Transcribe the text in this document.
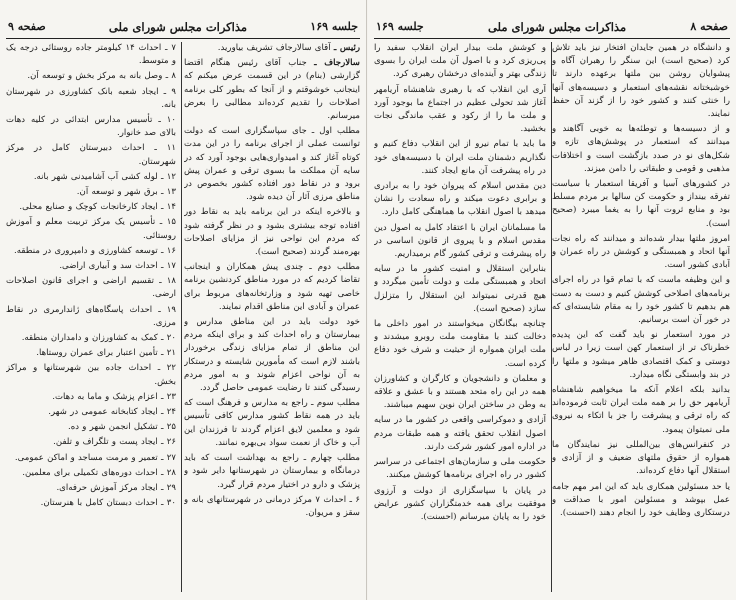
جلسه ۱۶۹
مذاکرات مجلس شورای ملی
صفحه ۹
رئیس ـ آقای سالارجاف تشریف بیاورید.
سالارجاف ـ جناب آقای رئیس هنگام اقتضا گزارشی (بنام) در این قسمت عرض میکنم که اینجانب خوشوقتم و از آنجا که بطور کلی برنامه اصلاحات را تقدیم کرده‌اند مطالبی را بعرض میرسانم.
مطلب اول ـ جای سپاسگزاری است که دولت توانست عملی از اجرای برنامه را در این مدت کوتاه آغاز کند و امیدواری‌هایی بوجود آورد که در سایه آن مملکت ما بسوی ترقی و عمران پیش برود و در نقاط دور افتاده کشور بخصوص در مناطق مرزی آثار آن دیده شود.
و بالاخره اینکه در این برنامه باید به نقاط دور افتاده توجه بیشتری بشود و در نظر گرفته شود که مردم این نواحی نیز از مزایای اصلاحات بهره‌مند گردند (صحیح است).
مطلب دوم ـ چندی پیش همکاران و اینجانب تقاضا کردیم که در مورد مناطق کردنشین برنامه خاصی تهیه شود و وزارتخانه‌های مربوط برای عمران و آبادی این مناطق اقدام نمایند.
خود دولت باید در این مناطق مدارس و بیمارستان و راه احداث کند و برای اینکه مردم این مناطق از تمام مزایای زندگی برخوردار باشند لازم است که مأمورین شایسته و درستکار به آن نواحی اعزام شوند و به امور مردم رسیدگی کنند تا رضایت عمومی حاصل گردد.
مطلب سوم ـ راجع به مدارس و فرهنگ است که باید در همه نقاط کشور مدارس کافی تأسیس شود و معلمین لایق اعزام گردند تا فرزندان این آب و خاک از نعمت سواد بی‌بهره نمانند.
مطلب چهارم ـ راجع به بهداشت است که باید درمانگاه و بیمارستان در شهرستانها دایر شود و پزشک و دارو در اختیار مردم قرار گیرد.
۶ ـ احداث ۷ مرکز درمانی در شهرستانهای بانه و سقز و مریوان.
۷ ـ احداث ۱۴ کیلومتر جاده روستائی درجه یک و متوسط.
۸ ـ وصل بانه به مرکز بخش و توسعه آن.
۹ ـ ایجاد شعبه بانک کشاورزی در شهرستان بانه.
۱۰ ـ تأسیس مدارس ابتدائی در کلیه دهات بالای صد خانوار.
۱۱ ـ احداث دبیرستان کامل در مرکز شهرستان.
۱۲ ـ لوله کشی آب آشامیدنی شهر بانه.
۱۳ ـ برق شهر و توسعه آن.
۱۴ ـ ایجاد کارخانجات کوچک و صنایع محلی.
۱۵ ـ تأسیس یک مرکز تربیت معلم و آموزش روستائی.
۱۶ ـ توسعه کشاورزی و دامپروری در منطقه.
۱۷ ـ احداث سد و آبیاری اراضی.
۱۸ ـ تقسیم اراضی و اجرای قانون اصلاحات ارضی.
۱۹ ـ احداث پاسگاه‌های ژاندارمری در نقاط مرزی.
۲۰ ـ کمک به کشاورزان و دامداران منطقه.
۲۱ ـ تأمین اعتبار برای عمران روستاها.
۲۲ ـ احداث جاده بین شهرستانها و مراکز بخش.
۲۳ ـ اعزام پزشک و ماما به دهات.
۲۴ ـ ایجاد کتابخانه عمومی در شهر.
۲۵ ـ تشکیل انجمن شهر و ده.
۲۶ ـ ایجاد پست و تلگراف و تلفن.
۲۷ ـ تعمیر و مرمت مساجد و اماکن عمومی.
۲۸ ـ احداث دوره‌های تکمیلی برای معلمین.
۲۹ ـ ایجاد مرکز آموزش حرفه‌ای.
۳۰ ـ احداث دبستان کامل با هنرستان.
صفحه ۸
مذاکرات مجلس شورای ملی
جلسه ۱۶۹
و دانشگاه در همین جایدان افتخار نیز باید تلاش کرد (صحیح است) این سنگر را رهبران آگاه و پیشوایان روشن بین ملتها برعهده دارند تا خوشبختانه نقشه‌های استعمار و دسیسه‌های آنها را خنثی کنند و کشور خود را از گزند آن حفظ نمایند.
و از دسیسه‌ها و توطئه‌ها به خوبی آگاهند و میدانند که استعمار در پوشش‌های تازه و شکل‌های نو در صدد بازگشت است و اختلافات مذهبی و قومی و طبقاتی را دامن میزند.
در کشورهای آسیا و آفریقا استعمار با سیاست تفرقه بینداز و حکومت کن سالها بر مردم مسلط بود و منابع ثروت آنها را به یغما میبرد (صحیح است).
امروز ملتها بیدار شده‌اند و میدانند که راه نجات آنها اتحاد و همبستگی و کوشش در راه عمران و آبادی کشور است.
و این وظیفه ماست که با تمام قوا در راه اجرای برنامه‌های اصلاحی کوشش کنیم و دست به دست هم بدهیم تا کشور خود را به مقام شایسته‌ای که در خور آن است برسانیم.
در مورد استعمار نو باید گفت که این پدیده خطرناک تر از استعمار کهن است زیرا در لباس دوستی و کمک اقتصادی ظاهر میشود و ملتها را در بند وابستگی نگاه میدارد.
بدانید بلکه اعلام آنکه ما میخواهیم شاهنشاه آریامهر حق را بر همه ملت ایران ثابت فرموده‌اند که راه ترقی و پیشرفت را جز با اتکاء به نیروی ملی نمیتوان پیمود.
در کنفرانس‌های بین‌المللی نیز نمایندگان ما همواره از حقوق ملتهای ضعیف و از آزادی و استقلال آنها دفاع کرده‌اند.
یا حد مسئولین همکاری باید که این امر مهم جامه عمل بپوشد و مسئولین امور با صداقت و درستکاری وظایف خود را انجام دهند (احسنت).
و کوشش ملت بیدار ایران انقلاب سفید را پی‌ریزی کرد و با اصول آن ملت ایران را بسوی زندگی بهتر و آینده‌ای درخشان رهبری کرد.
آری این انقلاب که با رهبری شاهنشاه آریامهر آغاز شد تحولی عظیم در اجتماع ما بوجود آورد و ملت ما را از رکود و عقب ماندگی نجات بخشید.
ما باید با تمام نیرو از این انقلاب دفاع کنیم و نگذاریم دشمنان ملت ایران با دسیسه‌های خود در راه پیشرفت آن مانع ایجاد کنند.
دین مقدس اسلام که پیروان خود را به برادری و برابری دعوت میکند و راه سعادت را نشان میدهد با اصول انقلاب ما هماهنگی کامل دارد.
ما مسلمانان ایران با اعتقاد کامل به اصول دین مقدس اسلام و با پیروی از قانون اساسی در راه پیشرفت و ترقی کشور گام برمیداریم.
بنابراین استقلال و امنیت کشور ما در سایه اتحاد و همبستگی ملت و دولت تأمین میگردد و هیچ قدرتی نمیتواند این استقلال را متزلزل سازد (صحیح است).
چنانچه بیگانگان میخواستند در امور داخلی ما دخالت کنند با مقاومت ملت روبرو میشدند و ملت ایران همواره از حیثیت و شرف خود دفاع کرده است.
و معلمان و دانشجویان و کارگران و کشاورزان همه در این راه متحد هستند و با عشق و علاقه به وطن در ساختن ایران نوین سهیم میباشند.
آزادی و دموکراسی واقعی در کشور ما در سایه اصول انقلاب تحقق یافته و همه طبقات مردم در اداره امور کشور شرکت دارند.
حکومت ملی و سازمان‌های اجتماعی در سراسر کشور در راه اجرای برنامه‌ها کوشش میکنند.
در پایان با سپاسگزاری از دولت و آرزوی موفقیت برای همه خدمتگزاران کشور عرایض خود را به پایان میرسانم (احسنت).
